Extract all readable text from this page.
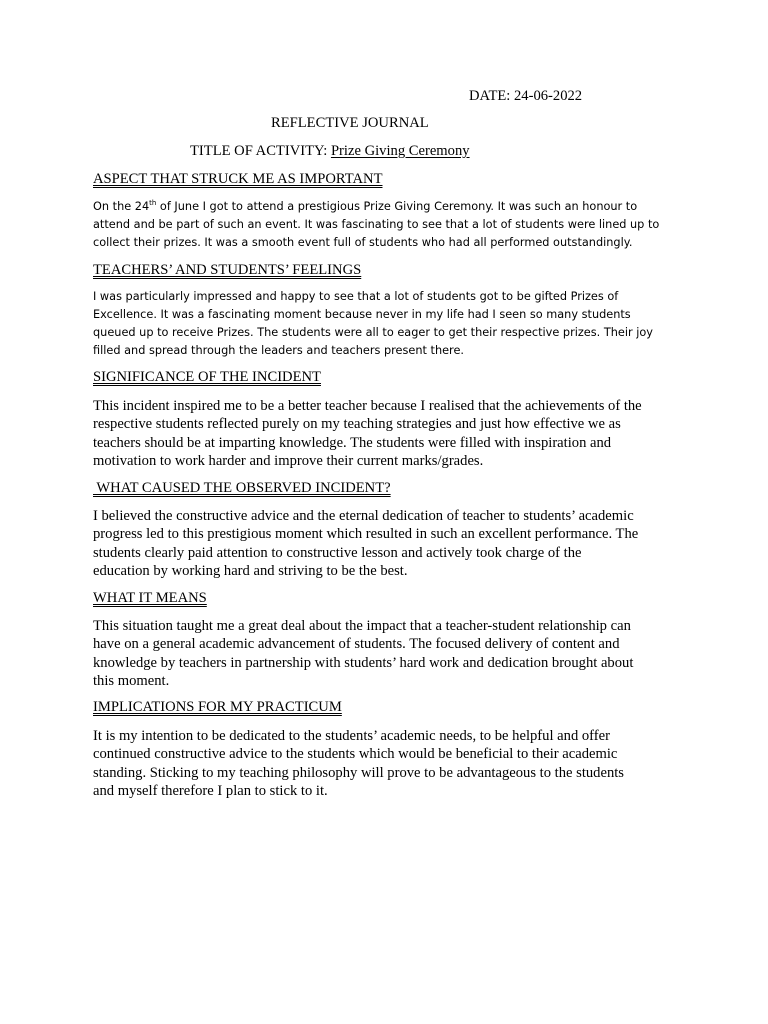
DATE: 24-06-2022
REFLECTIVE JOURNAL
TITLE OF ACTIVITY: Prize Giving Ceremony
ASPECT THAT STRUCK ME AS IMPORTANT
On the 24th of June I got to attend a prestigious Prize Giving Ceremony. It was such an honour to
attend and be part of such an event. It was fascinating to see that a lot of students were lined up to
collect their prizes. It was a smooth event full of students who had all performed outstandingly.
TEACHERS’ AND STUDENTS’ FEELINGS
I was particularly impressed and happy to see that a lot of students got to be gifted Prizes of
Excellence. It was a fascinating moment because never in my life had I seen so many students
queued up to receive Prizes. The students were all to eager to get their respective prizes. Their joy
filled and spread through the leaders and teachers present there.
SIGNIFICANCE OF THE INCIDENT
This incident inspired me to be a better teacher because I realised that the achievements of the
respective students reflected purely on my teaching strategies and just how effective we as
teachers should be at imparting knowledge. The students were filled with inspiration and
motivation to work harder and improve their current marks/grades.
WHAT CAUSED THE OBSERVED INCIDENT?
I believed the constructive advice and the eternal dedication of teacher to students’ academic
progress led to this prestigious moment which resulted in such an excellent performance. The
students clearly paid attention to constructive lesson and actively took charge of the
education by working hard and striving to be the best.
WHAT IT MEANS
This situation taught me a great deal about the impact that a teacher-student relationship can
have on a general academic advancement of students. The focused delivery of content and
knowledge by teachers in partnership with students’ hard work and dedication brought about
this moment.
IMPLICATIONS FOR MY PRACTICUM
It is my intention to be dedicated to the students’ academic needs, to be helpful and offer
continued constructive advice to the students which would be beneficial to their academic
standing. Sticking to my teaching philosophy will prove to be advantageous to the students
and myself therefore I plan to stick to it.
